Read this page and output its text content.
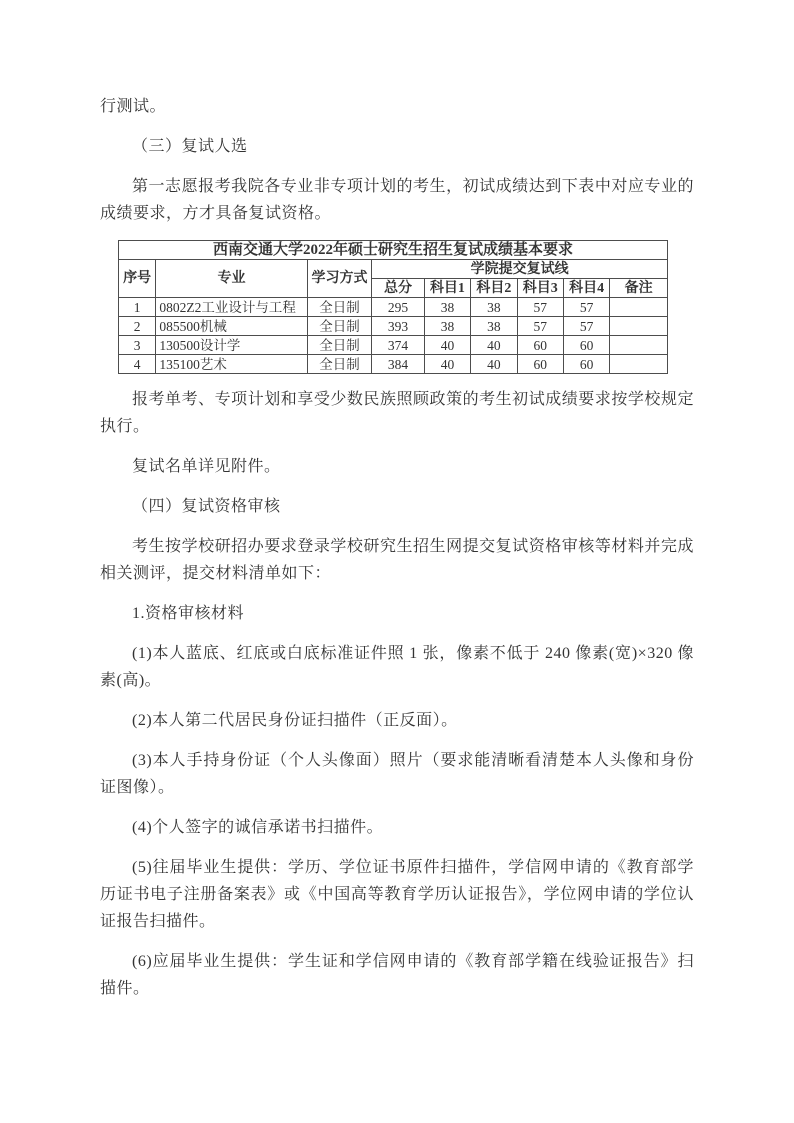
行测试。

（三）复试人选

第一志愿报考我院各专业非专项计划的考生，初试成绩达到下表中对应专业的成绩要求，方才具备复试资格。

西南交通大学2022年硕士研究生招生复试成绩基本要求								
序号	专业	学习方式	学院提交复试线					
			总分	科目1	科目2	科目3	科目4	备注
1	0802Z2工业设计与工程	全日制	295	38	38	57	57	
2	085500机械	全日制	393	38	38	57	57	
3	130500设计学	全日制	374	40	40	60	60	
4	135100艺术	全日制	384	40	40	60	60	

报考单考、专项计划和享受少数民族照顾政策的考生初试成绩要求按学校规定执行。

复试名单详见附件。

（四）复试资格审核

考生按学校研招办要求登录学校研究生招生网提交复试资格审核等材料并完成相关测评，提交材料清单如下：

1.资格审核材料

(1)本人蓝底、红底或白底标准证件照 1 张，像素不低于 240 像素(宽)×320 像素(高)。

(2)本人第二代居民身份证扫描件（正反面）。

(3)本人手持身份证（个人头像面）照片（要求能清晰看清楚本人头像和身份证图像）。

(4)个人签字的诚信承诺书扫描件。

(5)往届毕业生提供：学历、学位证书原件扫描件，学信网申请的《教育部学历证书电子注册备案表》或《中国高等教育学历认证报告》，学位网申请的学位认证报告扫描件。

(6)应届毕业生提供：学生证和学信网申请的《教育部学籍在线验证报告》扫描件。
